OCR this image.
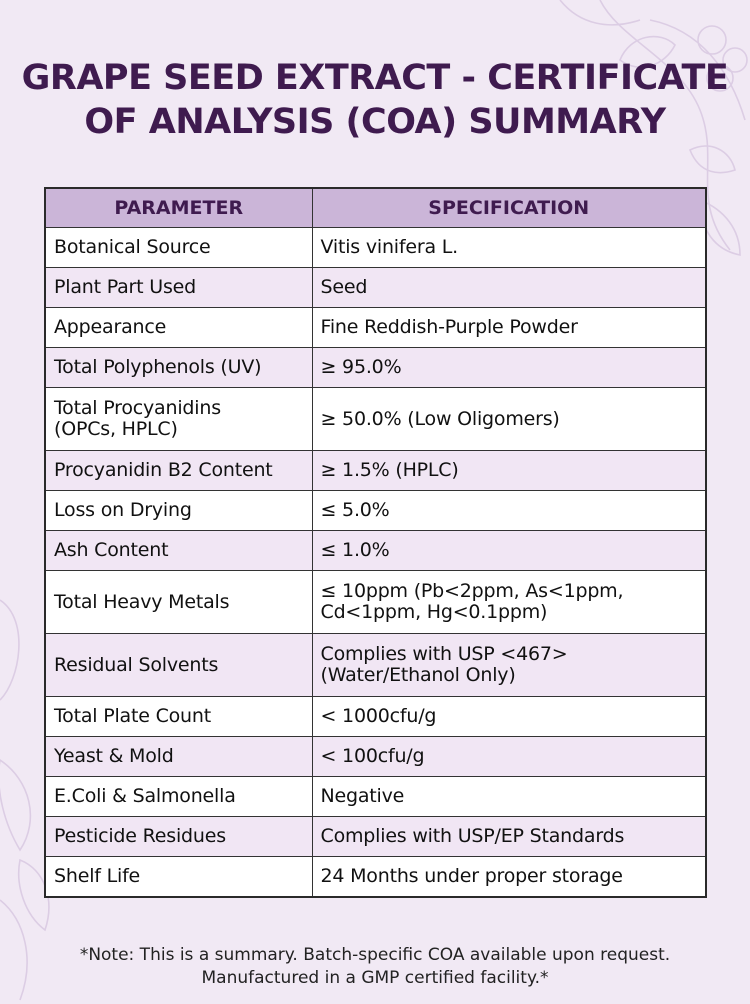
GRAPE SEED EXTRACT - CERTIFICATE
OF ANALYSIS (COA) SUMMARY
PARAMETER	SPECIFICATION

Botanical Source	Vitis vinifera L.

Plant Part Used	Seed

Appearance	Fine Reddish-Purple Powder

Total Polyphenols (UV)	≥ 95.0%

Total Procyanidins
(OPCs, HPLC)	≥ 50.0% (Low Oligomers)

Procyanidin B2 Content	≥ 1.5% (HPLC)

Loss on Drying	≤ 5.0%

Ash Content	≤ 1.0%

Total Heavy Metals	≤ 10ppm (Pb<2ppm, As<1ppm,
Cd<1ppm, Hg<0.1ppm)

Residual Solvents	Complies with USP <467>
(Water/Ethanol Only)

Total Plate Count	< 1000cfu/g

Yeast & Mold	< 100cfu/g

E.Coli & Salmonella	Negative

Pesticide Residues	Complies with USP/EP Standards

Shelf Life	24 Months under proper storage
*Note: This is a summary. Batch-specific COA available upon request.
Manufactured in a GMP certified facility.*
